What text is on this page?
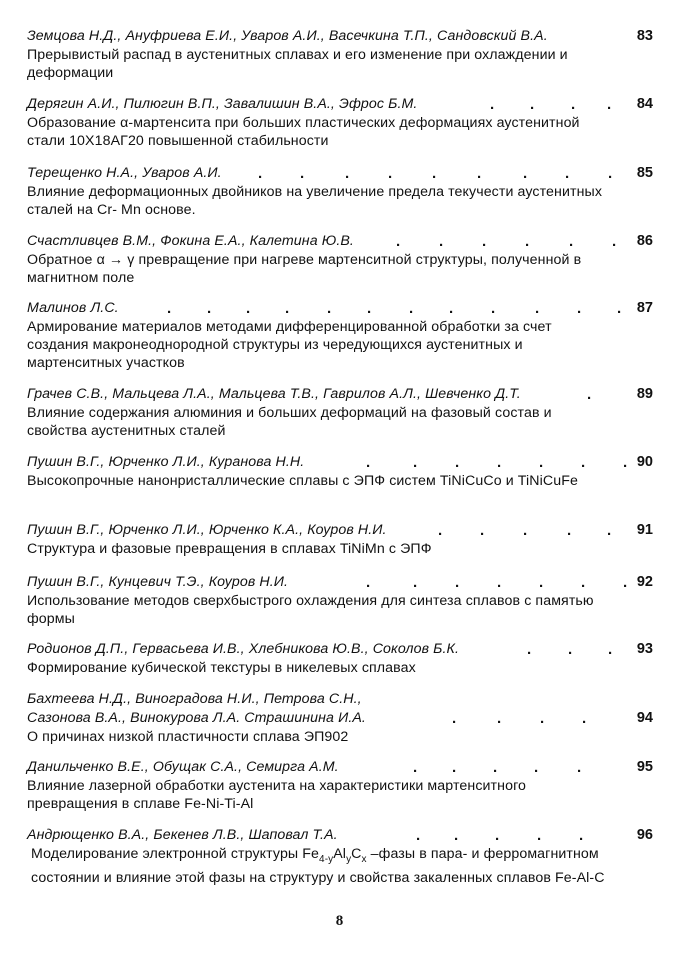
Земцова Н.Д., Ануфриева Е.И., Уваров А.И., Васечкина Т.П., Сандовский В.А.	83
Прерывистый распад в аустенитных сплавах и его изменение при охлаждении и
деформации
Дерягин А.И., Пилюгин В.П., Завалишин В.А., Эфрос Б.М.	. . . . 84
Образование α-мартенсита при больших пластических деформациях аустенитной
стали 10Х18АГ20 повышенной стабильности
Терещенко Н.А., Уваров А.И. .	.	.	.	.	.	.	.	. 85
Влияние деформационных двойников на увеличение предела текучести аустенитных
сталей на Cr- Mn основе.
Счастливцев В.М., Фокина Е.А., Калетина Ю.В.	.	.	.	.	.	. 86
Обратное α → γ превращение при нагреве мартенситной структуры, полученной в
магнитном поле
Малинов Л.С.	. . . .	. .	. .	.	.	. . 87
Армирование материалов методами дифференцированной обработки за счет
создания макронеоднородной структуры из чередующихся аустенитных и
мартенситных участков
Грачев С.В., Мальцева Л.А., Мальцева Т.В., Гаврилов А.Л., Шевченко Д.Т.	.	89
Влияние содержания алюминия и больших деформаций на фазовый состав и
свойства аустенитных сталей
Пушин В.Г., Юрченко Л.И., Куранова Н.Н.	.	.	.	.	.	.	. 90
Высокопрочные нанонристаллические сплавы с ЭПФ систем TiNiCuCo и TiNiCuFe
Пушин В.Г., Юрченко Л.И., Юрченко К.А., Коуров Н.И.	.	.	.	. . 91
Структура и фазовые превращения в сплавах TiNiMn с ЭПФ
Пушин В.Г., Кунцевич Т.Э., Коуров Н.И.	.	.	.	.	.	.	. 92
Использование методов сверхбыстрого охлаждения для синтеза сплавов с памятью
формы
Родионов Д.П., Гервасьева И.В., Хлебникова Ю.В., Соколов Б.К.	. . . 93
Формирование кубической текстуры в никелевых сплавах
Бахтеева Н.Д., Виноградова Н.И., Петрова С.Н.,
Сазонова В.А., Винокурова Л.А. Страшинина И.А.	.	.	.	.	94
О причинах низкой пластичности сплава ЭП902
Данильченко В.Е., Обущак С.А., Семирга А.М.	. . . .	.	95
Влияние лазерной обработки аустенита на характеристики мартенситного
превращения в сплаве Fe-Ni-Ti-Al
Андрющенко В.А., Бекенев Л.В., Шаповал Т.А.	. . .	.	.	96
Моделирование электронной структуры $Fe_{4-y}Al_yC_x$ –фазы в пара- и ферромагнитном
состоянии и влияние этой фазы на структуру и свойства закаленных сплавов Fe-Al-C
8
